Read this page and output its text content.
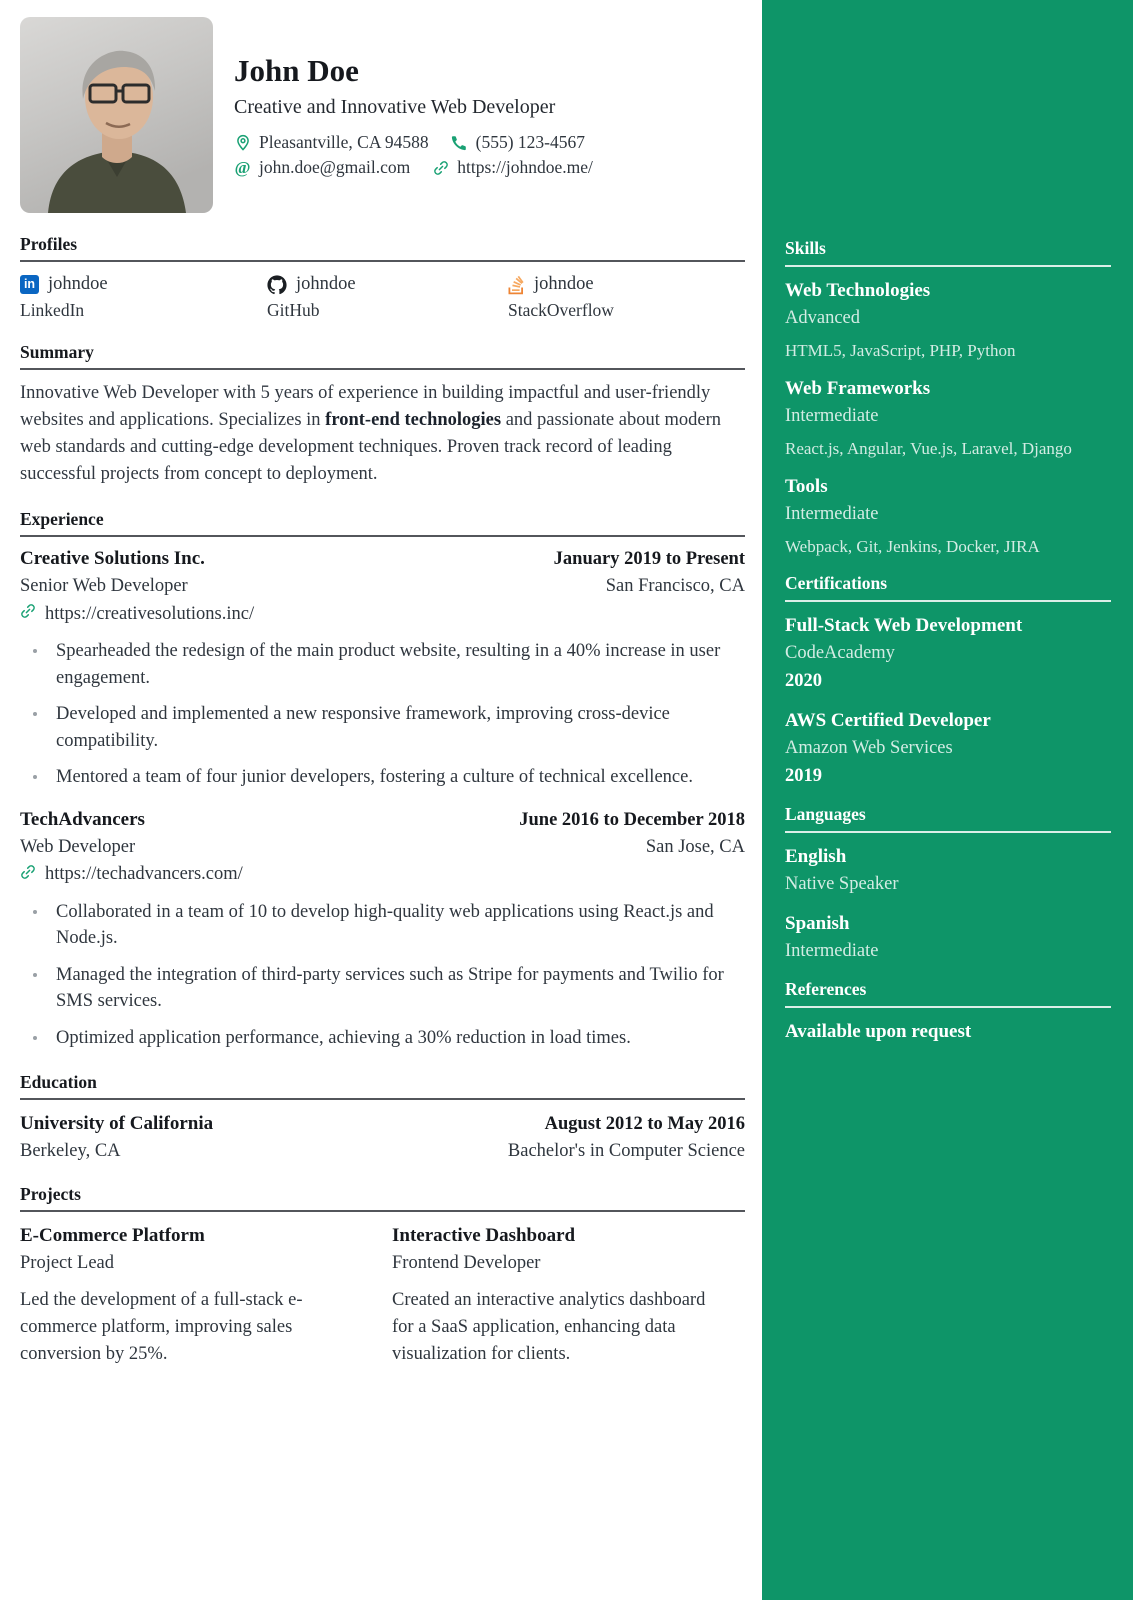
John Doe
Creative and Innovative Web Developer
Pleasantville, CA 94588	(555) 123-4567
@ john.doe@gmail.com	https://johndoe.me/
Profiles
in johndoe
LinkedIn
johndoe
GitHub
johndoe
StackOverflow
Summary

Innovative Web Developer with 5 years of experience in building impactful and user-friendly websites and applications. Specializes in front-end technologies and passionate about modern web standards and cutting-edge development techniques. Proven track record of leading successful projects from concept to deployment.

Experience
Creative Solutions Inc.
Senior Web Developer
January 2019 to Present
San Francisco, CA
https://creativesolutions.inc/
Spearheaded the redesign of the main product website, resulting in a 40% increase in user engagement.
Developed and implemented a new responsive framework, improving cross-device compatibility.
Mentored a team of four junior developers, fostering a culture of technical excellence.
TechAdvancers
Web Developer
June 2016 to December 2018
San Jose, CA
https://techadvancers.com/
Collaborated in a team of 10 to develop high-quality web applications using React.js and Node.js.
Managed the integration of third-party services such as Stripe for payments and Twilio for SMS services.
Optimized application performance, achieving a 30% reduction in load times.
Education
University of California
Berkeley, CA
August 2012 to May 2016
Bachelor's in Computer Science
Projects
E-Commerce Platform
Project Lead
Led the development of a full-stack e-commerce platform, improving sales conversion by 25%.
Interactive Dashboard
Frontend Developer
Created an interactive analytics dashboard for a SaaS application, enhancing data visualization for clients.
Skills
Web Technologies
Advanced
HTML5, JavaScript, PHP, Python
Web Frameworks
Intermediate
React.js, Angular, Vue.js, Laravel, Django
Tools
Intermediate
Webpack, Git, Jenkins, Docker, JIRA
Certifications
Full-Stack Web Development
CodeAcademy
2020
AWS Certified Developer
Amazon Web Services
2019
Languages
English
Native Speaker
Spanish
Intermediate
References
Available upon request
